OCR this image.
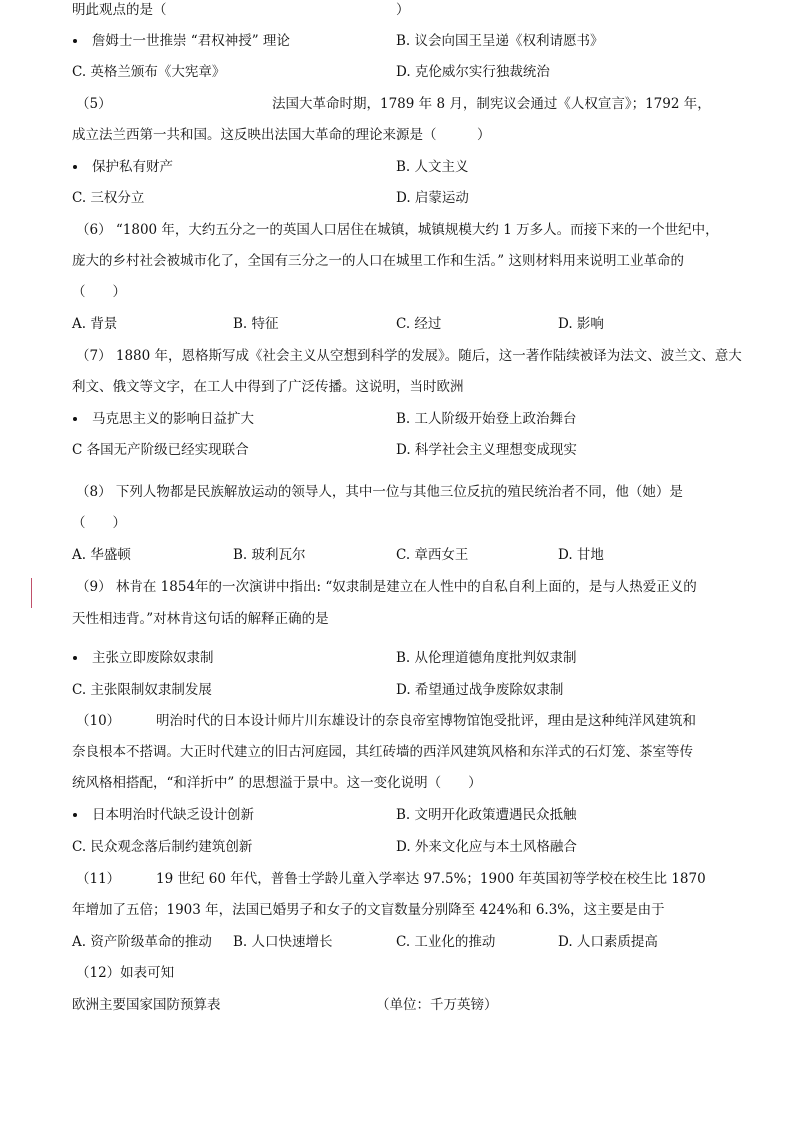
明此观点的是（　　　　　　　　　　　　　　　　　）
詹姆士一世推崇 “君权神授” 理论	B. 议会向国王呈递《权利请愿书》
C. 英格兰颁布《大宪章》	D. 克伦威尔实行独裁统治
（5）	法国大革命时期，1789 年 8 月，制宪议会通过《人权宣言》；1792 年，
成立法兰西第一共和国。这反映出法国大革命的理论来源是（　　　）
保护私有财产	B. 人文主义
C. 三权分立	D. 启蒙运动
（6） “1800 年，大约五分之一的英国人口居住在城镇，城镇规模大约 1 万多人。而接下来的一个世纪中，
庞大的乡村社会被城市化了，全国有三分之一的人口在城里工作和生活。” 这则材料用来说明工业革命的
（　　）
A. 背景	B. 特征	C. 经过	D. 影响
（7） 1880 年，恩格斯写成《社会主义从空想到科学的发展》。随后，这一著作陆续被译为法文、波兰文、意大
利文、俄文等文字，在工人中得到了广泛传播。这说明，当时欧洲
马克思主义的影响日益扩大	B. 工人阶级开始登上政治舞台
C 各国无产阶级已经实现联合	D. 科学社会主义理想变成现实
（8） 下列人物都是民族解放运动的领导人，其中一位与其他三位反抗的殖民统治者不同，他（她）是
（　　）
A. 华盛顿	B. 玻利瓦尔	C. 章西女王	D. 甘地
（9） 林肯在 1854年的一次演讲中指出: “奴隶制是建立在人性中的自私自利上面的，是与人热爱正义的
天性相违背。”对林肯这句话的解释正确的是
主张立即废除奴隶制	B. 从伦理道德角度批判奴隶制
C. 主张限制奴隶制发展	D. 希望通过战争废除奴隶制
（10）	明治时代的日本设计师片川东雄设计的奈良帝室博物馆饱受批评，理由是这种纯洋风建筑和
奈良根本不搭调。大正时代建立的旧古河庭园，其红砖墙的西洋风建筑风格和东洋式的石灯笼、茶室等传
统风格相搭配，“和洋折中” 的思想溢于景中。这一变化说明（　　）
日本明治时代缺乏设计创新	B. 文明开化政策遭遇民众抵触
C. 民众观念落后制约建筑创新	D. 外来文化应与本土风格融合
（11）	19 世纪 60 年代，普鲁士学龄儿童入学率达 97.5%；1900 年英国初等学校在校生比 1870
年增加了五倍；1903 年，法国已婚男子和女子的文盲数量分别降至 424%和 6.3%，这主要是由于
A. 资产阶级革命的推动 B. 人口快速增长	C. 工业化的推动	D. 人口素质提高
（12）如表可知
欧洲主要国家国防预算表	（单位：千万英镑）
